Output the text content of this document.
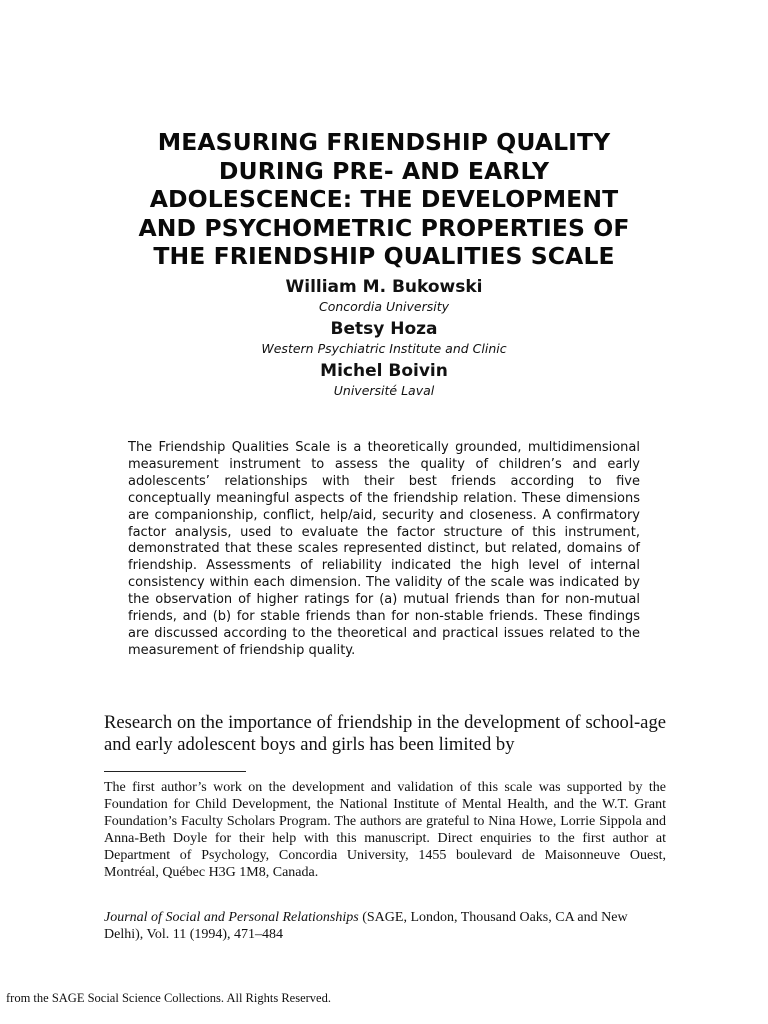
MEASURING FRIENDSHIP QUALITY
DURING PRE- AND EARLY
ADOLESCENCE: THE DEVELOPMENT
AND PSYCHOMETRIC PROPERTIES OF
THE FRIENDSHIP QUALITIES SCALE
William M. Bukowski
Concordia University
Betsy Hoza
Western Psychiatric Institute and Clinic
Michel Boivin
Université Laval

The Friendship Qualities Scale is a theoretically grounded, multidimensional measurement instrument to assess the quality of children’s and early adolescents’ relationships with their best friends according to five conceptually meaningful aspects of the friendship relation. These dimensions are companionship, conflict, help/aid, security and closeness. A confirmatory factor analysis, used to evaluate the factor structure of this instrument, demonstrated that these scales represented distinct, but related, domains of friendship. Assessments of reliability indicated the high level of internal consistency within each dimension. The validity of the scale was indicated by the observation of higher ratings for (a) mutual friends than for non-mutual friends, and (b) for stable friends than for non-stable friends. These findings are discussed according to the theoretical and practical issues related to the measurement of friendship quality.

Research on the importance of friendship in the development of school-age and early adolescent boys and girls has been limited by

The first author’s work on the development and validation of this scale was supported by the Foundation for Child Development, the National Institute of Mental Health, and the W.T. Grant Foundation’s Faculty Scholars Program. The authors are grateful to Nina Howe, Lorrie Sippola and Anna-Beth Doyle for their help with this manuscript. Direct enquiries to the first author at Department of Psychology, Concordia University, 1455 boulevard de Maisonneuve Ouest, Montréal, Québec H3G 1M8, Canada.

Journal of Social and Personal Relationships (SAGE, London, Thousand Oaks, CA and New Delhi), Vol. 11 (1994), 471–484

from the SAGE Social Science Collections. All Rights Reserved.
